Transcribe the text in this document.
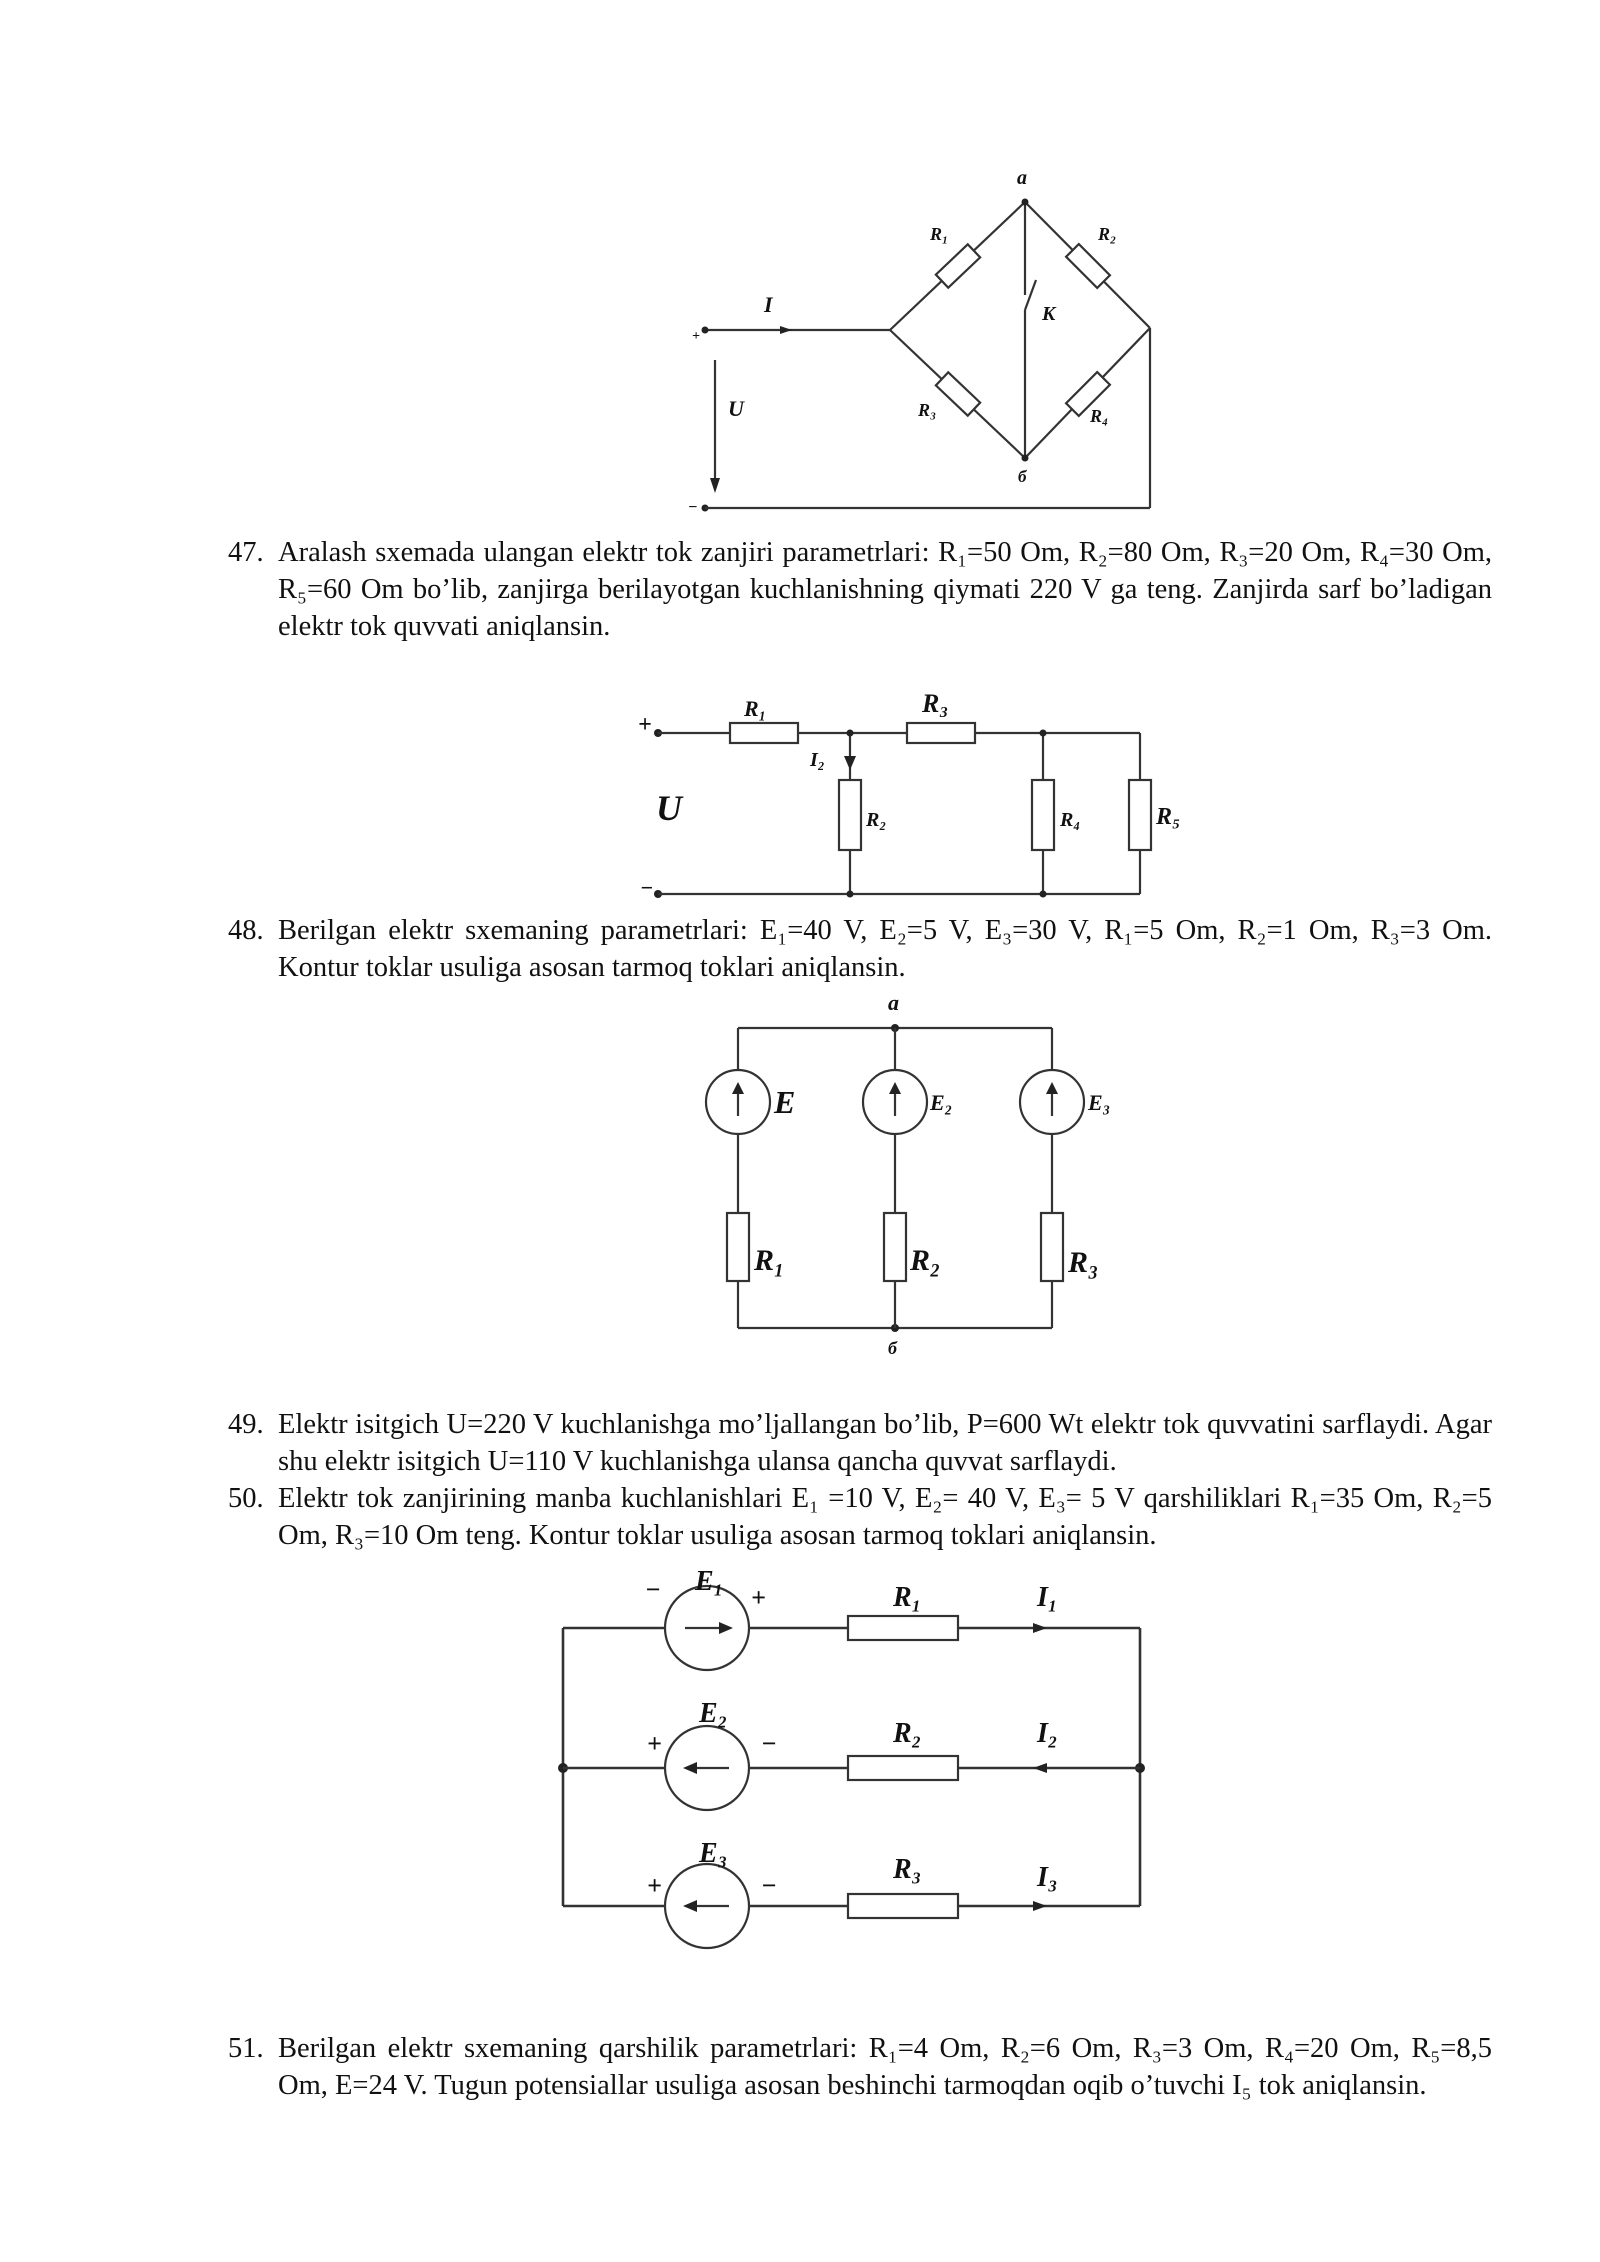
a
б
R₁	R₂
R₃	R₄
K
I
U
+
−
47. Aralash sxemada ulangan elektr tok zanjiri parametrlari: R₁=50 Om, R₂=80 Om, R₃=20 Om, R₄=30 Om, R₅=60 Om bo’lib, zanjirga berilayotgan kuchlanishning qiymati 220 V ga teng. Zanjirda sarf bo’ladigan elektr tok quvvati aniqlansin.
+
−
U
R₁	R₃
I₂
R₂	R₄	R₅
48. Berilgan elektr sxemaning parametrlari: E₁=40 V, E₂=5 V, E₃=30 V, R₁=5 Om, R₂=1 Om, R₃=3 Om. Kontur toklar usuliga asosan tarmoq toklari aniqlansin.
a
б
E	E₂	E₃
R₁	R₂	R₃
49. Elektr isitgich U=220 V kuchlanishga mo’ljallangan bo’lib, P=600 Wt elektr tok quvvatini sarflaydi. Agar shu elektr isitgich U=110 V kuchlanishga ulansa qancha quvvat sarflaydi.
50. Elektr tok zanjirining manba kuchlanishlari E₁ =10 V, E₂= 40 V, E₃= 5 V qarshiliklari R₁=35 Om, R₂=5 Om, R₃=10 Om teng. Kontur toklar usuliga asosan tarmoq toklari aniqlansin.
− E₁
+	R₁	I₁
E₂
+	−	R₂	I₂
E₃
+	−
R₃	I₃
51. Berilgan elektr sxemaning qarshilik parametrlari: R₁=4 Om, R₂=6 Om, R₃=3 Om, R₄=20 Om, R₅=8,5 Om, E=24 V. Tugun potensiallar usuliga asosan beshinchi tarmoqdan oqib o’tuvchi I₅ tok aniqlansin.
